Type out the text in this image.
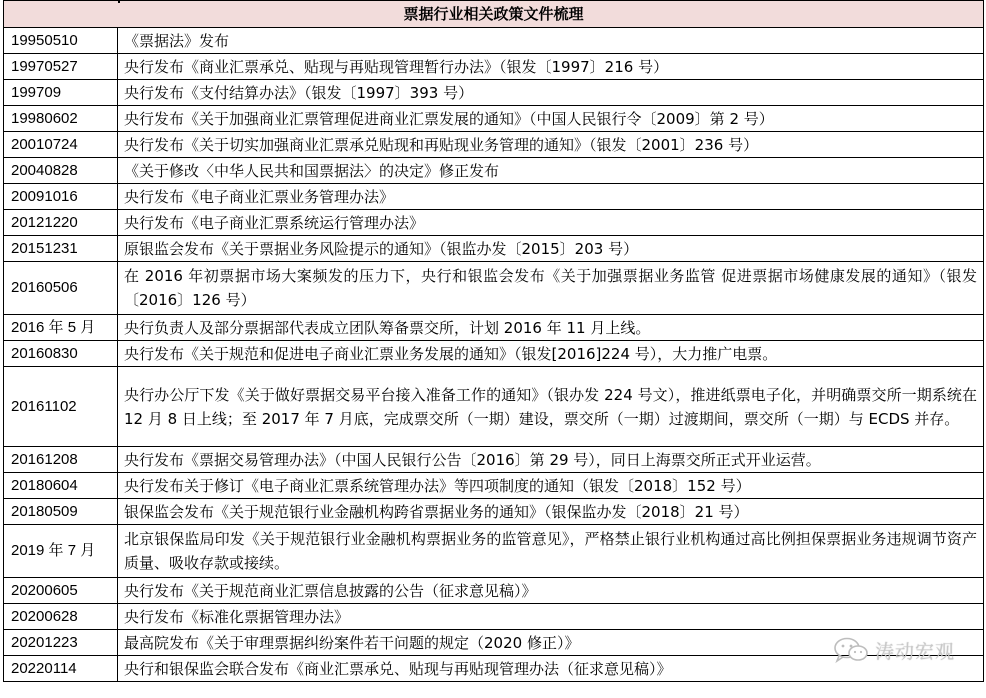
票据行业相关政策文件梳理	
19950510	《票据法》发布
19970527	央行发布《商业汇票承兑、贴现与再贴现管理暂行办法》（银发〔1997〕216 号）
199709	央行发布《支付结算办法》（银发〔1997〕393 号）
19980602	央行发布《关于加强商业汇票管理促进商业汇票发展的通知》（中国人民银行令〔2009〕第 2 号）
20010724	央行发布《关于切实加强商业汇票承兑贴现和再贴现业务管理的通知》（银发〔2001〕236 号）
20040828	《关于修改〈中华人民共和国票据法〉的决定》修正发布
20091016	央行发布《电子商业汇票业务管理办法》
20121220	央行发布《电子商业汇票系统运行管理办法》
20151231	原银监会发布《关于票据业务风险提示的通知》（银监办发〔2015〕203 号）
20160506	在 2016 年初票据市场大案频发的压力下，央行和银监会发布《关于加强票据业务监管 促进票据市场健康发展的通知》（银发〔2016〕126 号）
2016 年 5 月	央行负责人及部分票据部代表成立团队筹备票交所，计划 2016 年 11 月上线。
20160830	央行发布《关于规范和促进电子商业汇票业务发展的通知》（银发[2016]224 号），大力推广电票。
20161102	央行办公厅下发《关于做好票据交易平台接入准备工作的通知》（银办发 224 号文），推进纸票电子化，并明确票交所一期系统在 12 月 8 日上线；至 2017 年 7 月底，完成票交所（一期）建设，票交所（一期）过渡期间，票交所（一期）与 ECDS 并存。
20161208	央行发布《票据交易管理办法》（中国人民银行公告〔2016〕第 29 号），同日上海票交所正式开业运营。
20180604	央行发布关于修订《电子商业汇票系统管理办法》等四项制度的通知（银发〔2018〕152 号）
20180509	银保监会发布《关于规范银行业金融机构跨省票据业务的通知》（银保监办发〔2018〕21 号）
2019 年 7 月	北京银保监局印发《关于规范银行业金融机构票据业务的监管意见》，严格禁止银行业机构通过高比例担保票据业务违规调节资产质量、吸收存款或接续。
20200605	央行发布《关于规范商业汇票信息披露的公告（征求意见稿）》
20200628	央行发布《标准化票据管理办法》
20201223	最高院发布《关于审理票据纠纷案件若干问题的规定（2020 修正）》
20220114	央行和银保监会联合发布《商业汇票承兑、贴现与再贴现管理办法（征求意见稿）》
涛动宏观
